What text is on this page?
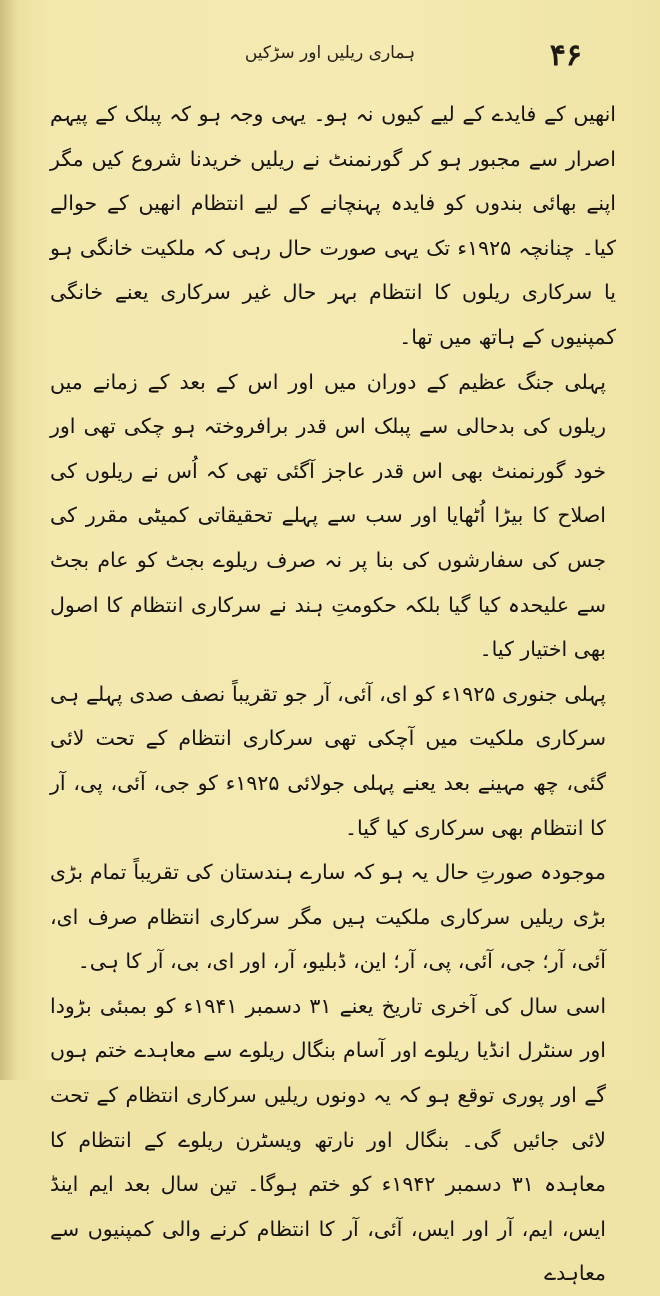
۴۶
ہماری ریلیں اور سڑکیں

انھیں کے فایدے کے لیے کیوں نہ ہو۔ یہی وجہ ہو کہ پبلک کے پیہم اصرار سے مجبور ہو کر گورنمنٹ نے ریلیں خریدنا شروع کیں مگر اپنے بھائی بندوں کو فایدہ پہنچانے کے لیے انتظام انھیں کے حوالے کیا۔ چنانچہ ۱۹۲۵ء تک یہی صورت حال رہی کہ ملکیت خانگی ہو یا سرکاری ریلوں کا انتظام بہر حال غیر سرکاری یعنے خانگی کمپنیوں کے ہاتھ میں تھا۔

پہلی جنگ عظیم کے دوران میں اور اس کے بعد کے زمانے میں ریلوں کی بدحالی سے پبلک اس قدر برافروختہ ہو چکی تھی اور خود گورنمنٹ بھی اس قدر عاجز آگئی تھی کہ اُس نے ریلوں کی اصلاح کا بیڑا اُٹھایا اور سب سے پہلے تحقیقاتی کمیٹی مقرر کی جس کی سفارشوں کی بنا پر نہ صرف ریلوے بجٹ کو عام بجٹ سے علیحدہ کیا گیا بلکہ حکومتِ ہند نے سرکاری انتظام کا اصول بھی اختیار کیا۔

پہلی جنوری ۱۹۲۵ء کو ای، آئی، آر جو تقریباً نصف صدی پہلے ہی سرکاری ملکیت میں آچکی تھی سرکاری انتظام کے تحت لائی گئی، چھ مہینے بعد یعنے پہلی جولائی ۱۹۲۵ء کو جی، آئی، پی، آر کا انتظام بھی سرکاری کیا گیا۔

موجودہ صورتِ حال یہ ہو کہ سارے ہندستان کی تقریباً تمام بڑی بڑی ریلیں سرکاری ملکیت ہیں مگر سرکاری انتظام صرف ای، آئی، آر؛ جی، آئی، پی، آر؛ این، ڈبلیو، آر، اور ای، بی، آر کا ہی۔

اسی سال کی آخری تاریخ یعنے ۳۱ دسمبر ۱۹۴۱ء کو بمبئی بڑودا اور سنٹرل انڈیا ریلوے اور آسام بنگال ریلوے سے معاہدے ختم ہوں گے اور پوری توقع ہو کہ یہ دونوں ریلیں سرکاری انتظام کے تحت لائی جائیں گی۔ بنگال اور نارتھ ویسٹرن ریلوے کے انتظام کا معاہدہ ۳۱ دسمبر ۱۹۴۲ء کو ختم ہوگا۔ تین سال بعد ایم اینڈ ایس، ایم، آر اور ایس، آئی، آر کا انتظام کرنے والی کمپنیوں سے معاہدے
